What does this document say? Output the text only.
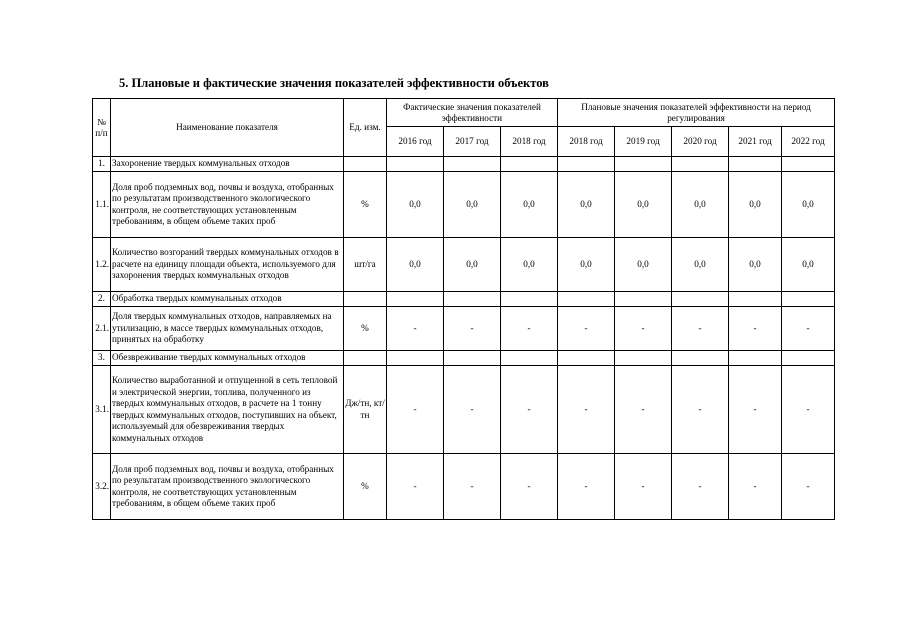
5. Плановые и фактические значения показателей эффективности объектов
№ п/п	Наименование показателя	Ед. изм.	Фактические значения показателей эффективности			Плановые значения показателей эффективности на период регулирования				
			2016 год	2017 год	2018 год	2018 год	2019 год	2020 год	2021 год	2022 год
1.	Захоронение твердых коммунальных отходов									
1.1.	Доля проб подземных вод, почвы и воздуха, отобранных по результатам производственного экологического контроля, не соответствующих установленным требованиям, в общем объеме таких проб	%	0,0	0,0	0,0	0,0	0,0	0,0	0,0	0,0
1.2.	Количество возгораний твердых коммунальных отходов в расчете на единицу площади объекта, используемого для захоронения твердых коммунальных отходов	шт/га	0,0	0,0	0,0	0,0	0,0	0,0	0,0	0,0
2.	Обработка твердых коммунальных отходов									
2.1.	Доля твердых коммунальных отходов, направляемых на утилизацию, в массе твердых коммунальных отходов, принятых на обработку	%	-	-	-	-	-	-	-	-
3.	Обезвреживание твердых коммунальных отходов									
3.1.	Количество выработанной и отпущенной в сеть тепловой и электрической энергии, топлива, полученного из твердых коммунальных отходов, в расчете на 1 тонну твердых коммунальных отходов, поступивших на объект, используемый для обезвреживания твердых коммунальных отходов	Дж/тн, кт/тн	-	-	-	-	-	-	-	-
3.2.	Доля проб подземных вод, почвы и воздуха, отобранных по результатам производственного экологического контроля, не соответствующих установленным требованиям, в общем объеме таких проб	%	-	-	-	-	-	-	-	-
